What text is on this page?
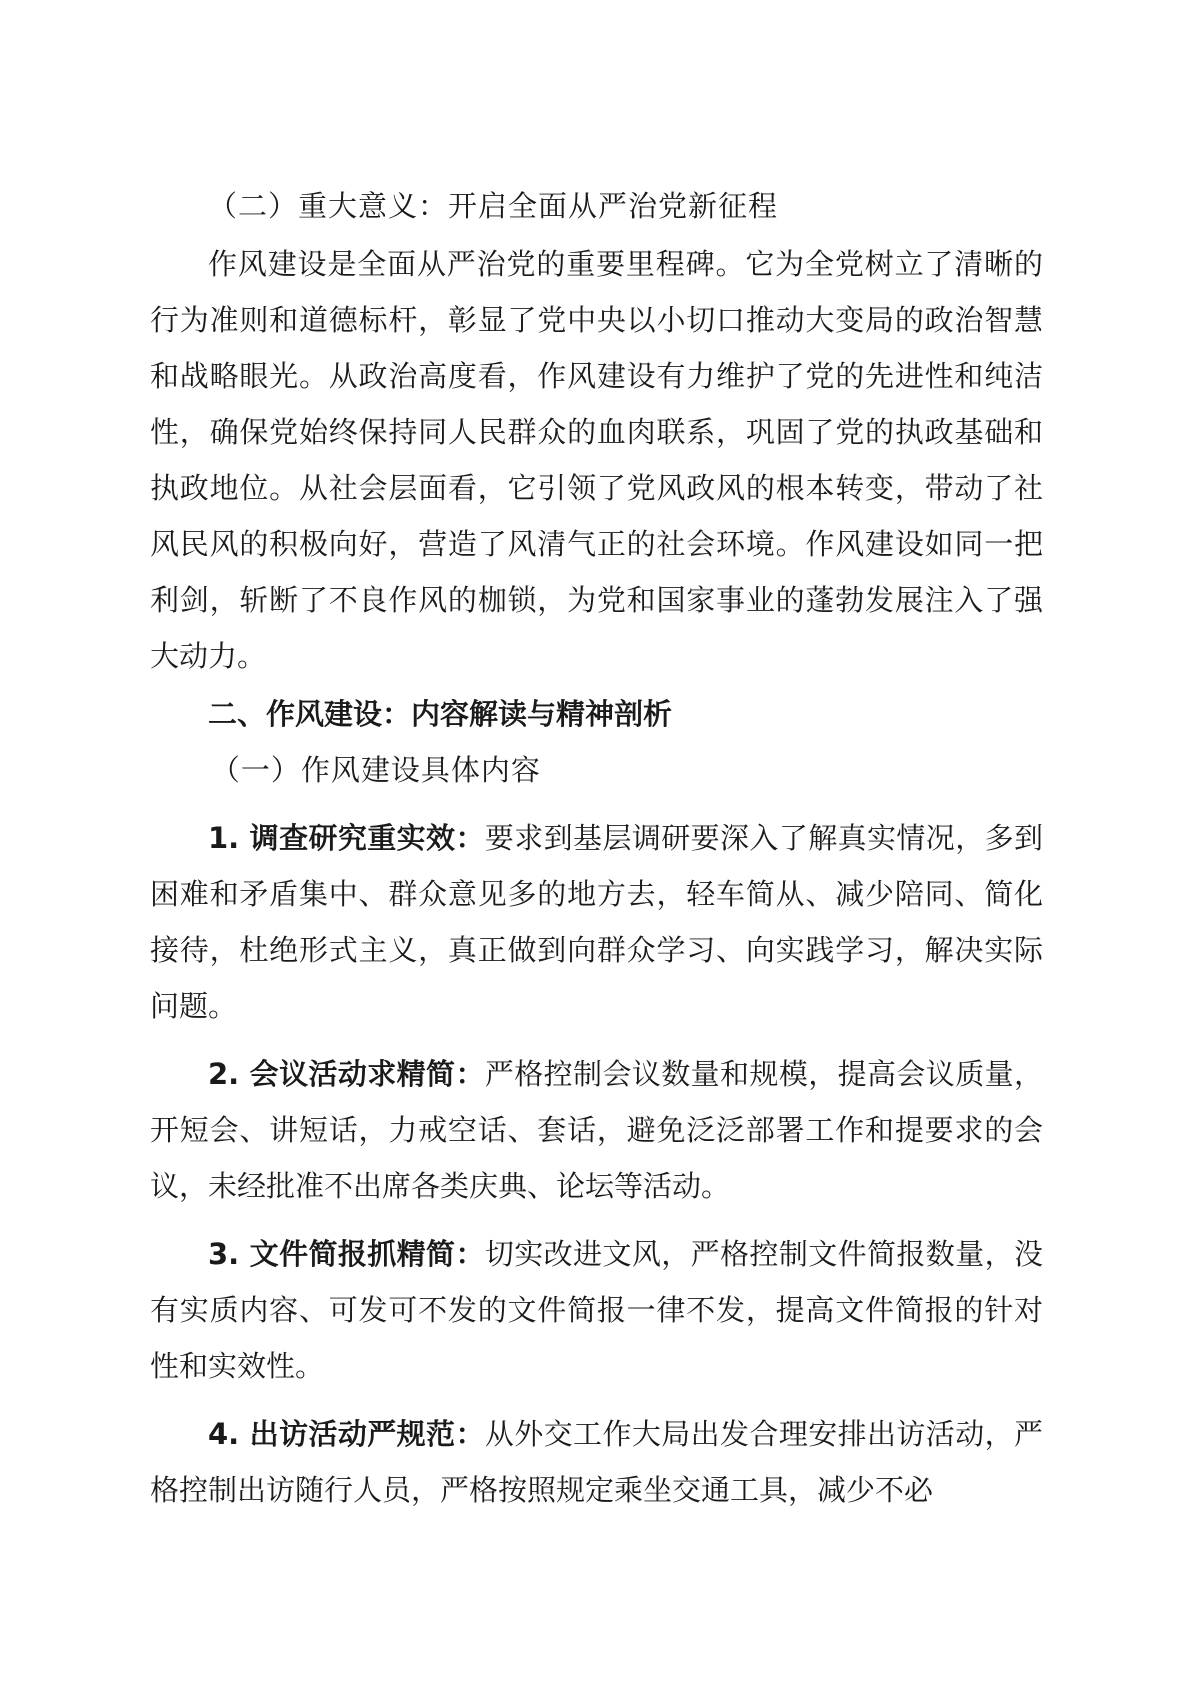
（二）重大意义：开启全面从严治党新征程

作风建设是全面从严治党的重要里程碑。它为全党树立了清晰的行为准则和道德标杆，彰显了党中央以小切口推动大变局的政治智慧和战略眼光。从政治高度看，作风建设有力维护了党的先进性和纯洁性，确保党始终保持同人民群众的血肉联系，巩固了党的执政基础和执政地位。从社会层面看，它引领了党风政风的根本转变，带动了社风民风的积极向好，营造了风清气正的社会环境。作风建设如同一把利剑，斩断了不良作风的枷锁，为党和国家事业的蓬勃发展注入了强大动力。

二、作风建设：内容解读与精神剖析

（一）作风建设具体内容

1. 调查研究重实效：要求到基层调研要深入了解真实情况，多到困难和矛盾集中、群众意见多的地方去，轻车简从、减少陪同、简化接待，杜绝形式主义，真正做到向群众学习、向实践学习，解决实际问题。

2. 会议活动求精简：严格控制会议数量和规模，提高会议质量，开短会、讲短话，力戒空话、套话，避免泛泛部署工作和提要求的会议，未经批准不出席各类庆典、论坛等活动。

3. 文件简报抓精简：切实改进文风，严格控制文件简报数量，没有实质内容、可发可不发的文件简报一律不发，提高文件简报的针对性和实效性。

4. 出访活动严规范：从外交工作大局出发合理安排出访活动，严格控制出访随行人员，严格按照规定乘坐交通工具，减少不必
